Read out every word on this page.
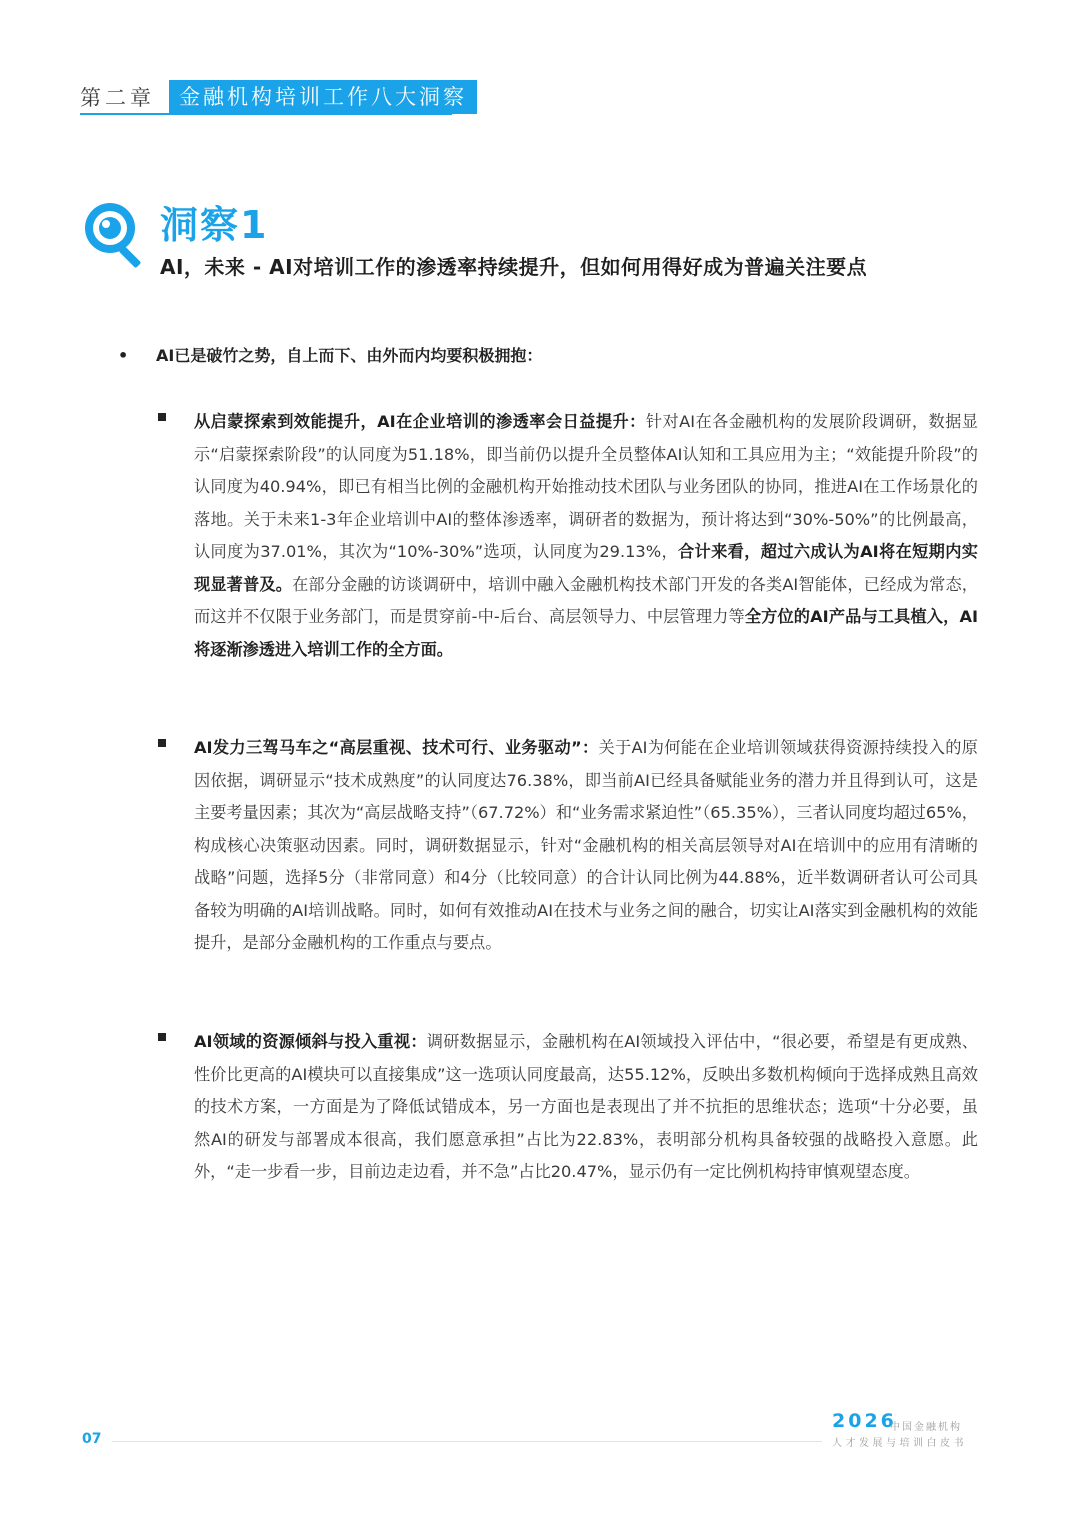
第二章	金融机构培训工作八大洞察
洞察1
AI，未来 - AI对培训工作的渗透率持续提升，但如何用得好成为普遍关注要点
• AI已是破竹之势，自上而下、由外而内均要积极拥抱：
从启蒙探索到效能提升，AI在企业培训的渗透率会日益提升：针对AI在各金融机构的发展阶段调研，数据显示“启蒙探索阶段”的认同度为51.18%，即当前仍以提升全员整体AI认知和工具应用为主；“效能提升阶段”的认同度为40.94%，即已有相当比例的金融机构开始推动技术团队与业务团队的协同，推进AI在工作场景化的落地。关于未来1-3年企业培训中AI的整体渗透率，调研者的数据为，预计将达到“30%-50%”的比例最高，认同度为37.01%，其次为“10%-30%”选项，认同度为29.13%，合计来看，超过六成认为AI将在短期内实现显著普及。在部分金融的访谈调研中，培训中融入金融机构技术部门开发的各类AI智能体，已经成为常态，而这并不仅限于业务部门，而是贯穿前-中-后台、高层领导力、中层管理力等全方位的AI产品与工具植入，AI将逐渐渗透进入培训工作的全方面。
AI发力三驾马车之“高层重视、技术可行、业务驱动”：关于AI为何能在企业培训领域获得资源持续投入的原因依据，调研显示“技术成熟度”的认同度达76.38%，即当前AI已经具备赋能业务的潜力并且得到认可，这是主要考量因素；其次为“高层战略支持”（67.72%）和“业务需求紧迫性”（65.35%），三者认同度均超过65%，构成核心决策驱动因素。同时，调研数据显示，针对“金融机构的相关高层领导对AI在培训中的应用有清晰的战略”问题，选择5分（非常同意）和4分（比较同意）的合计认同比例为44.88%，近半数调研者认可公司具备较为明确的AI培训战略。同时，如何有效推动AI在技术与业务之间的融合，切实让AI落实到金融机构的效能提升，是部分金融机构的工作重点与要点。
AI领域的资源倾斜与投入重视：调研数据显示，金融机构在AI领域投入评估中，“很必要，希望是有更成熟、性价比更高的AI模块可以直接集成”这一选项认同度最高，达55.12%，反映出多数机构倾向于选择成熟且高效的技术方案，一方面是为了降低试错成本，另一方面也是表现出了并不抗拒的思维状态；选项“十分必要，虽然AI的研发与部署成本很高，我们愿意承担”占比为22.83%，表明部分机构具备较强的战略投入意愿。此外，“走一步看一步，目前边走边看，并不急”占比20.47%，显示仍有一定比例机构持审慎观望态度。
07
2026
中国金融机构
人才发展与培训白皮书
